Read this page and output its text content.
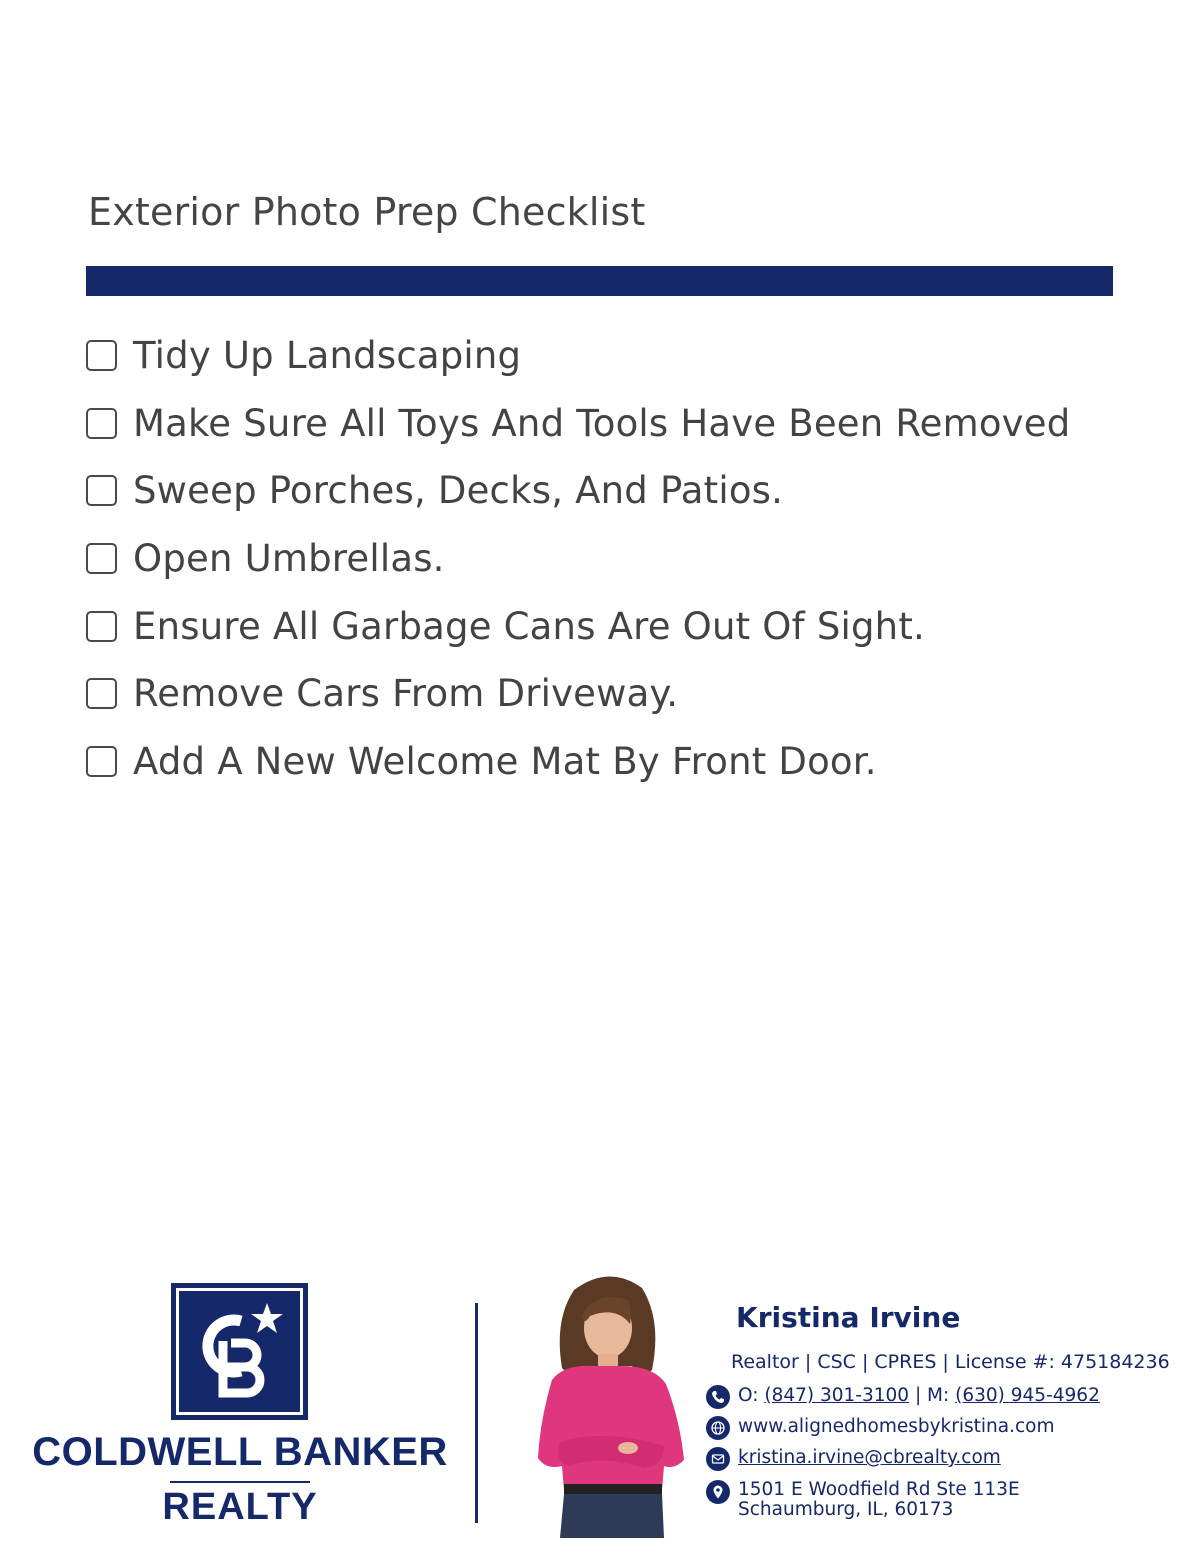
Exterior Photo Prep Checklist
Tidy Up Landscaping
Make Sure All Toys And Tools Have Been Removed
Sweep Porches, Decks, And Patios.
Open Umbrellas.
Ensure All Garbage Cans Are Out Of Sight.
Remove Cars From Driveway.
Add A New Welcome Mat By Front Door.
COLDWELL BANKER
REALTY
Kristina Irvine
Realtor | CSC | CPRES | License #: 475184236
O: (847) 301-3100 | M: (630) 945-4962
www.alignedhomesbykristina.com
kristina.irvine@cbrealty.com
1501 E Woodfield Rd Ste 113E
Schaumburg, IL, 60173
